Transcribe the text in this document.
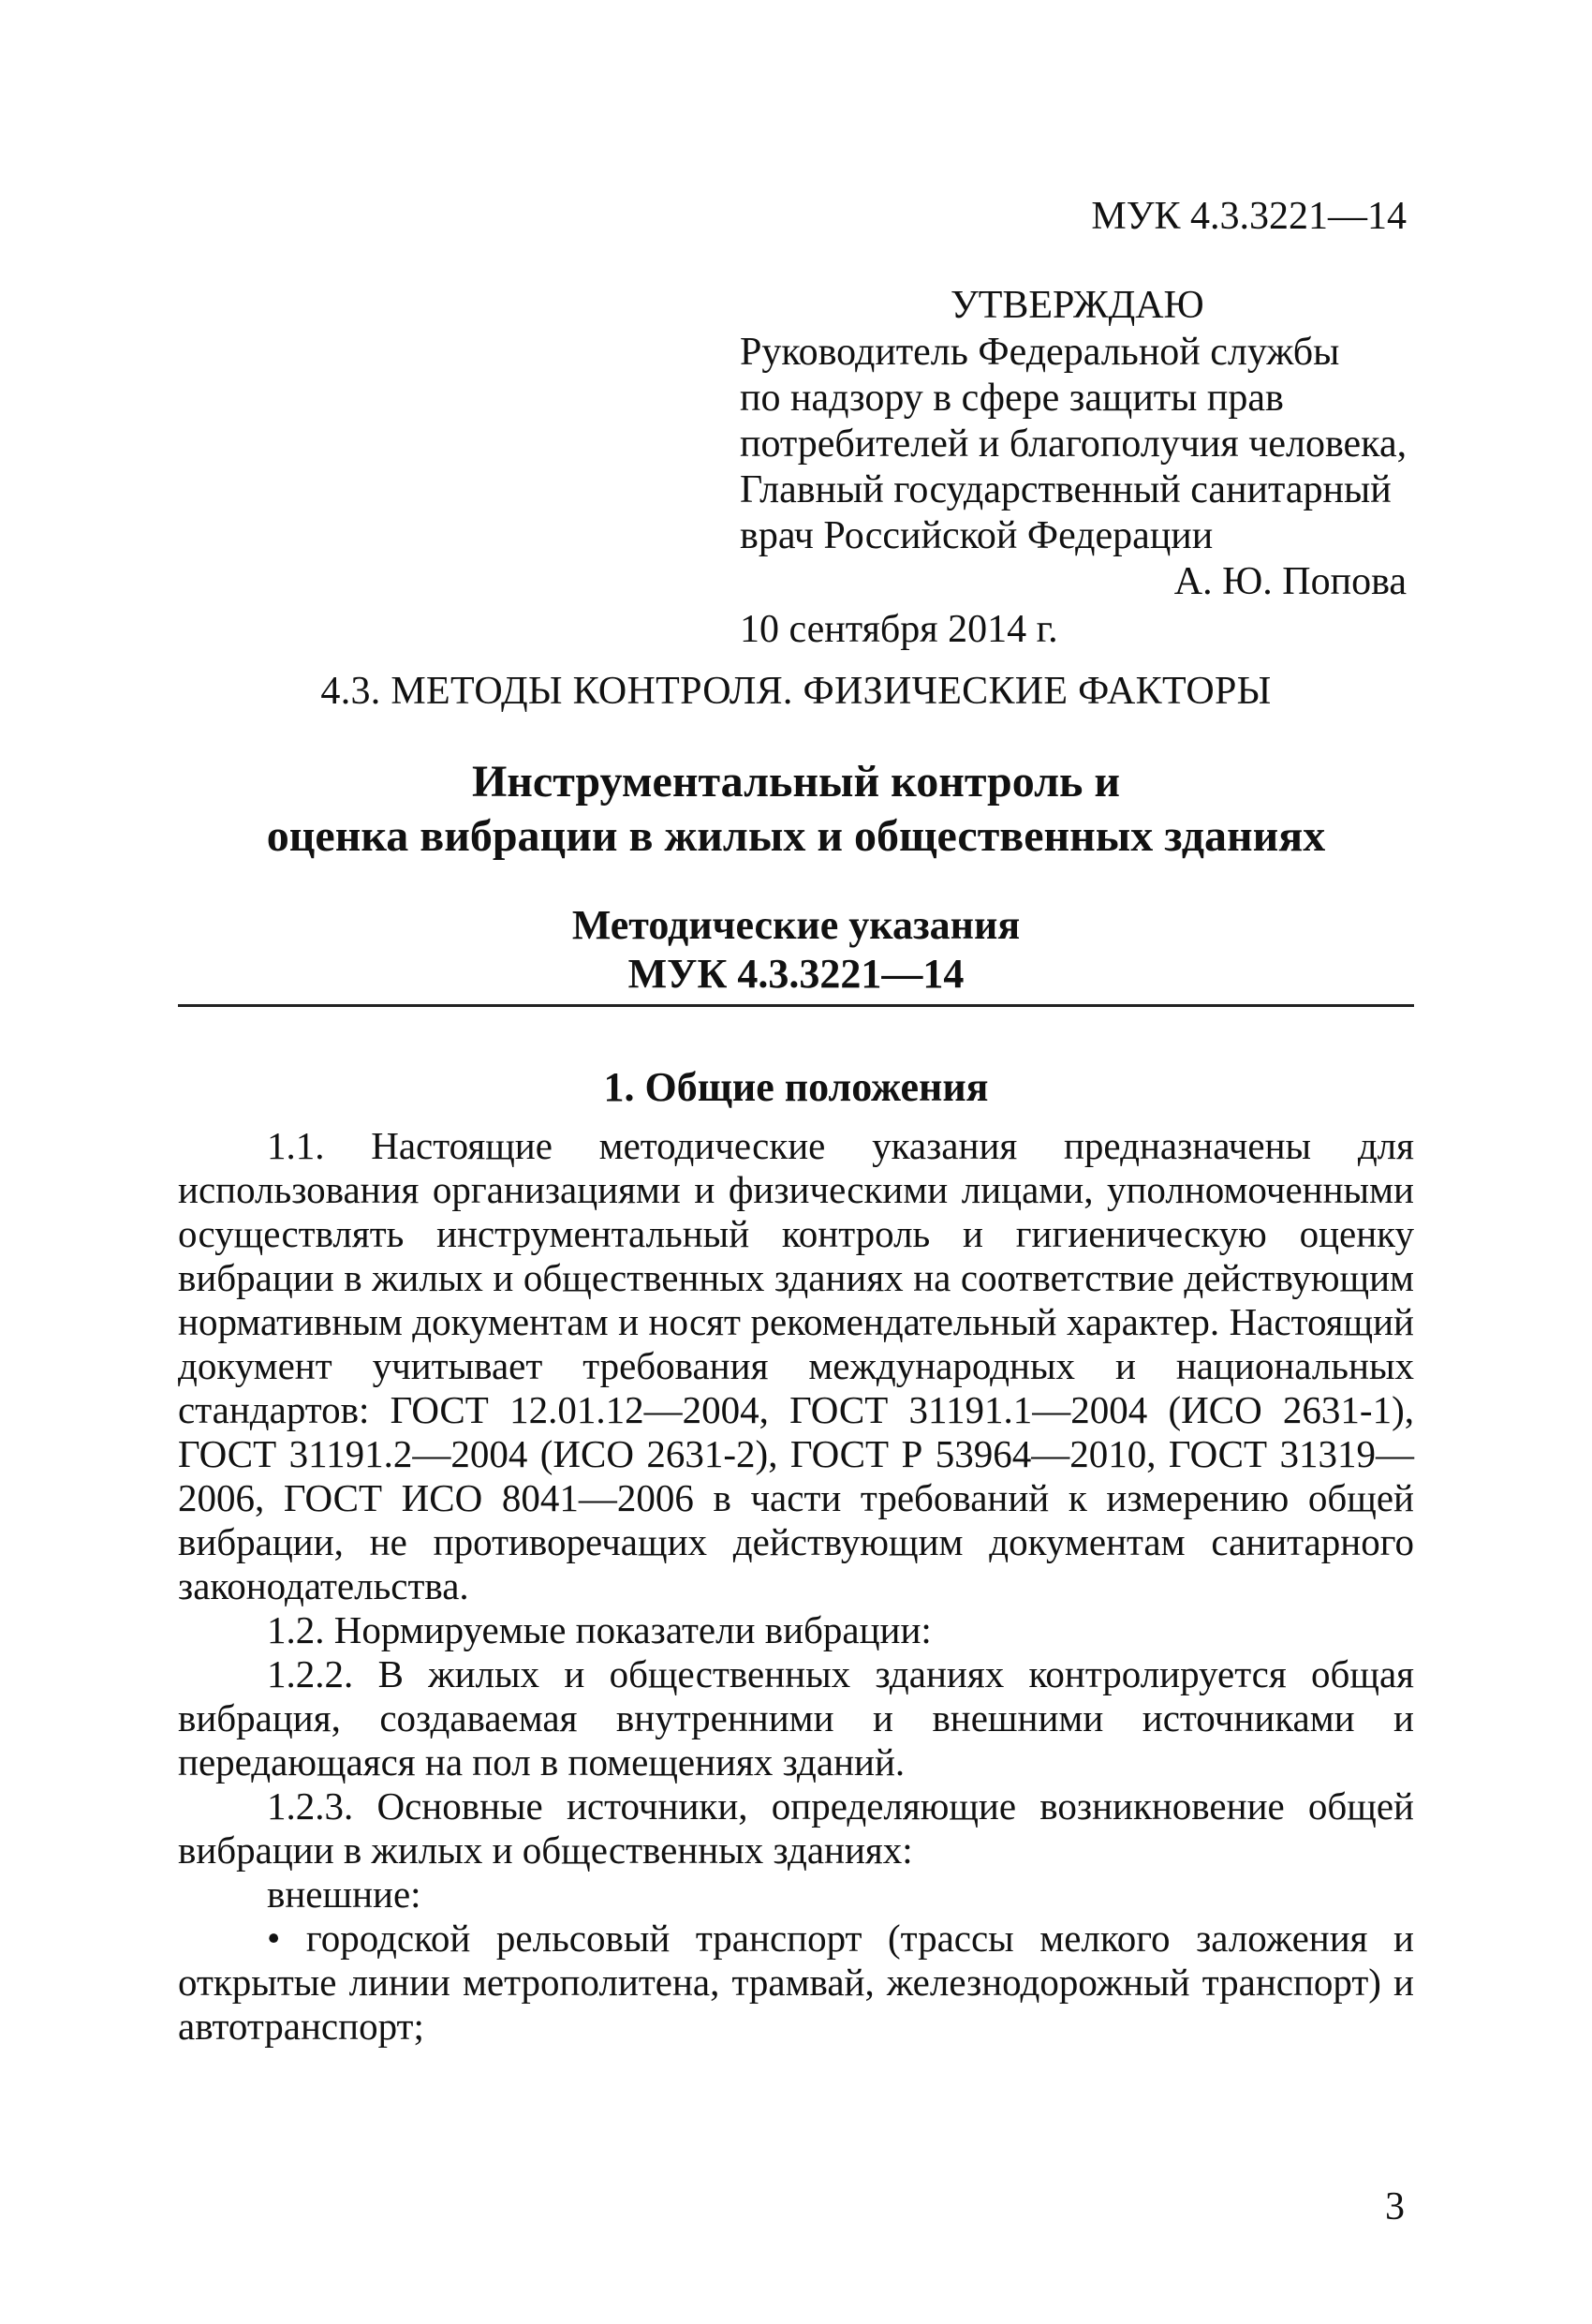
МУК 4.3.3221—14
УТВЕРЖДАЮ
Руководитель Федеральной службы
по надзору в сфере защиты прав
потребителей и благополучия человека,
Главный государственный санитарный
врач Российской Федерации
А. Ю. Попова
10 сентября 2014 г.
4.3. МЕТОДЫ КОНТРОЛЯ. ФИЗИЧЕСКИЕ ФАКТОРЫ
Инструментальный контроль и
оценка вибрации в жилых и общественных зданиях
Методические указания
МУК 4.3.3221—14
1. Общие положения

1.1. Настоящие методические указания предназначены для использования организациями и физическими лицами, уполномоченными осуществлять инструментальный контроль и гигиеническую оценку вибрации в жилых и общественных зданиях на соответствие действующим нормативным документам и носят рекомендательный характер. Настоящий документ учитывает требования международных и национальных стандартов: ГОСТ 12.01.12—2004, ГОСТ 31191.1—2004 (ИСО 2631-1), ГОСТ 31191.2—2004 (ИСО 2631-2), ГОСТ Р 53964—2010, ГОСТ 31319—2006, ГОСТ ИСО 8041—2006 в части требований к измерению общей вибрации, не противоречащих действующим документам санитарного законодательства.

1.2. Нормируемые показатели вибрации:

1.2.2. В жилых и общественных зданиях контролируется общая вибрация, создаваемая внутренними и внешними источниками и передающаяся на пол в помещениях зданий.

1.2.3. Основные источники, определяющие возникновение общей вибрации в жилых и общественных зданиях:

внешние:

• городской рельсовый транспорт (трассы мелкого заложения и открытые линии метрополитена, трамвай, железнодорожный транспорт) и автотранспорт;

3
